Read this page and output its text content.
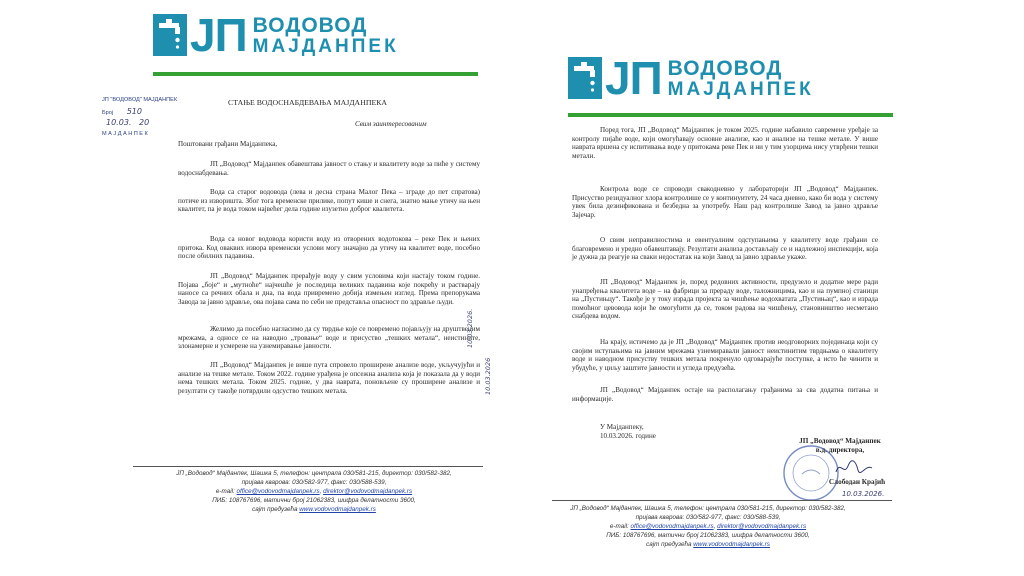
ЈП ВОДОВОД
МАЈДАНПЕК
ЈП "ВОДОВОД" МАЈДАНПЕК
Број 510
10.03. 20
МАЈДАНПЕК
СТАЊЕ ВОДОСНАБДЕВАЊА МАЈДАНПЕКА
Свим заинтересованим
Поштовани грађани Мајданпека,
ЈП „Водовод“ Мајданпек обавештава јавност о стању и квалитету воде за пиће у систему водоснабдевања.
Вода са старог водовода (лева и десна страна Малог Пека – зграде до пет спратова) потиче из изворишта. Због тога временске прилике, попут кише и снега, знатно мање утичу на њен квалитет, па је вода током највећег дела године изузетно доброг квалитета.
Вода са новог водовода користи воду из отворених водотокова – реке Пек и њених притока. Код оваквих извора временски услови могу значајно да утичу на квалитет воде, посебно после обилних падавина.
ЈП „Водовод“ Мајданпек прерађује воду у свим условима који настају током године. Појава „боје“ и „мутноће“ најчешће је последица великих падавина које покрећу и растварају наносе са речних обала и дна, па вода привремено добија измењен изглед. Према препорукама Завода за јавно здравље, ова појава сама по себи не представља опасност по здравље људи.
Желимо да посебно нагласимо да су тврдње које се повремено појављују на друштвеним мрежама, а односе се на наводно „тровање“ воде и присуство „тешких метала“, неистините, злонамерне и усмерене на узнемиравање јавности.
ЈП „Водовод“ Мајданпек је више пута спровело проширене анализе воде, укључујући и анализе на тешке метале. Током 2022. године урађена је опсежна анализа која је показала да у води нема тешких метала. Током 2025. године, у два наврата, поновљене су проширене анализе и резултати су такође потврдили одсуство тешких метала.
10.03.2026.
10.03.2026
ЈП „Водовод“ Мајданпек, Шашка 5, телефон: централа 030/581-215, директор: 030/582-382,
пријава кварова: 030/582-977, факс: 030/588-539,
e-mail: office@vodovodmajdanpek.rs, direktor@vodovodmajdanpek.rs
ПИБ: 108767696, матични број 21062383, шифра делатности 3600,
сајт предузећа www.vodovodmajdanpek.rs
ЈП ВОДОВОД
МАЈДАНПЕК
Поред тога, ЈП „Водовод“ Мајданпек је током 2025. године набавило савремене уређаје за контролу пијаће воде, који омогућавају основне анализе, као и анализе на тешке метале. У више наврата вршена су испитивања воде у притокама реке Пек и ни у тим узорцима нису утврђени тешки метали.
Контрола воде се спроводи свакодневно у лабораторији ЈП „Водовод“ Мајданпек. Присуство резидуалног хлора контролише се у континуитету, 24 часа дневно, како би вода у систему увек била дезинфикована и безбедна за употребу. Наш рад контролише Завод за јавно здравље Зајечар.
О свим неправилностима и евентуалним одступањима у квалитету воде грађани се благовремено и уредно обавештавају. Резултати анализа достављају се и надлежној инспекцији, која је дужна да реагује на сваки недостатак на који Завод за јавно здравље укаже.
ЈП „Водовод“ Мајданпек је, поред редовних активности, предузело и додатне мере ради унапређења квалитета воде – на фабрици за прераду воде, таложницима, као и на пумпној станици на „Пустињцу“. Такође је у току израда пројекта за чишћење водохватата „Пустињац“, као и израда помоћног цевовода који ће омогућити да се, током радова на чишћењу, становништво несметано снабдева водом.
На крају, истичемо да је ЈП „Водовод“ Мајданпек против неодговорних појединаца који су својим иступањима на јавним мрежама узнемиравали јавност неистинитим тврдњама о квалитету воде и наводном присуству тешких метала покренуло одговарајуће поступке, а исто ће чинити и убудуће, у циљу заштите јавности и угледа предузећа.
ЈП „Водовод“ Мајданпек остаје на располагању грађанима за сва додатна питања и информације.
У Мајданпеку,
10.03.2026. године
ЈП „Водовод“ Мајданпек
в.д. директора,
Слободан Крајић
10.03.2026.
ЈП „Водовод“ Мајданпек, Шашка 5, телефон: централа 030/581-215, директор: 030/582-382,
пријава кварова: 030/582-977, факс: 030/588-539,
e-mail: office@vodovodmajdanpek.rs, direktor@vodovodmajdanpek.rs
ПИБ: 108767696, матични број 21062383, шифра делатности 3600,
сајт предузећа www.vodovodmajdanpek.rs
